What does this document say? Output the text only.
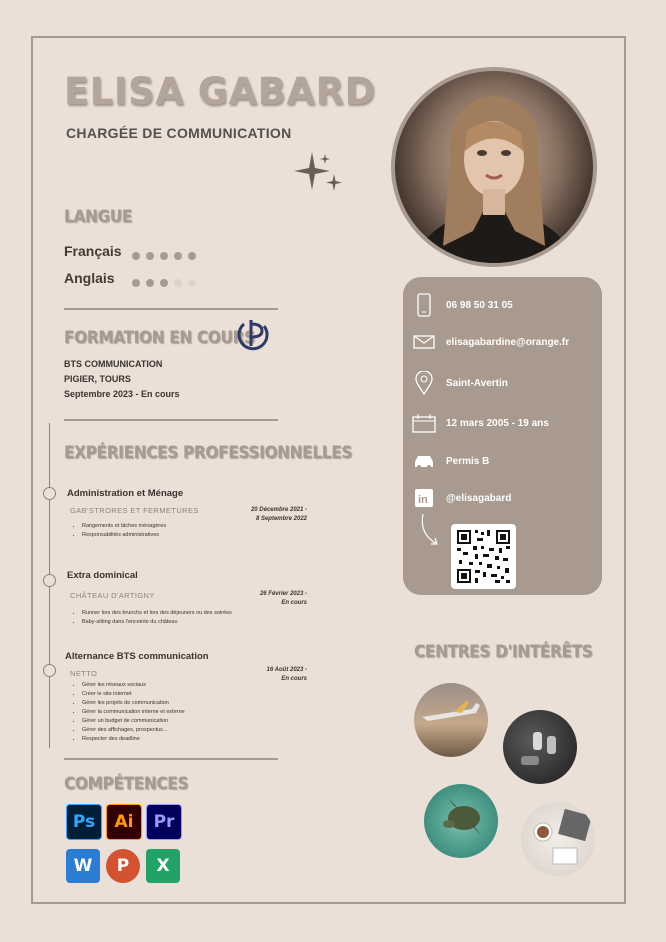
ELISA GABARD
CHARGÉE DE COMMUNICATION
LANGUE
Français
Anglais
FORMATION EN COURS
BTS COMMUNICATION
PIGIER, TOURS
Septembre 2023 - En cours
EXPÉRIENCES PROFESSIONNELLES
Administration et Ménage
GAB'STRORES ET FERMETURES	20 Décembre 2021 -
8 Septembre 2022
• Rangements et tâches ménagères
• Responsabilités administratives
Extra dominical
CHÂTEAU D'ARTIGNY	26 Février 2023 -
En cours
• Runner lors des brunchs et lors des déjeuners ou des soirées
• Baby-sitting dans l'enceinte du château
Alternance BTS communication
NETTO	16 Août 2023 -
En cours
• Gérer les réseaux sociaux
• Créer le site internet
• Gérer les projets de communication
• Gérer la communication interne et externe
• Gérer un budget de communication
• Gérer des affichages, prospectus...
• Respecter des deadline
COMPÉTENCES
Ps	Ai	Pr
W	P	X
06 98 50 31 05
elisagabardine@orange.fr
Saint-Avertin
12 mars 2005 - 19 ans
Permis B
in @elisagabard
CENTRES D'INTÉRÊTS
